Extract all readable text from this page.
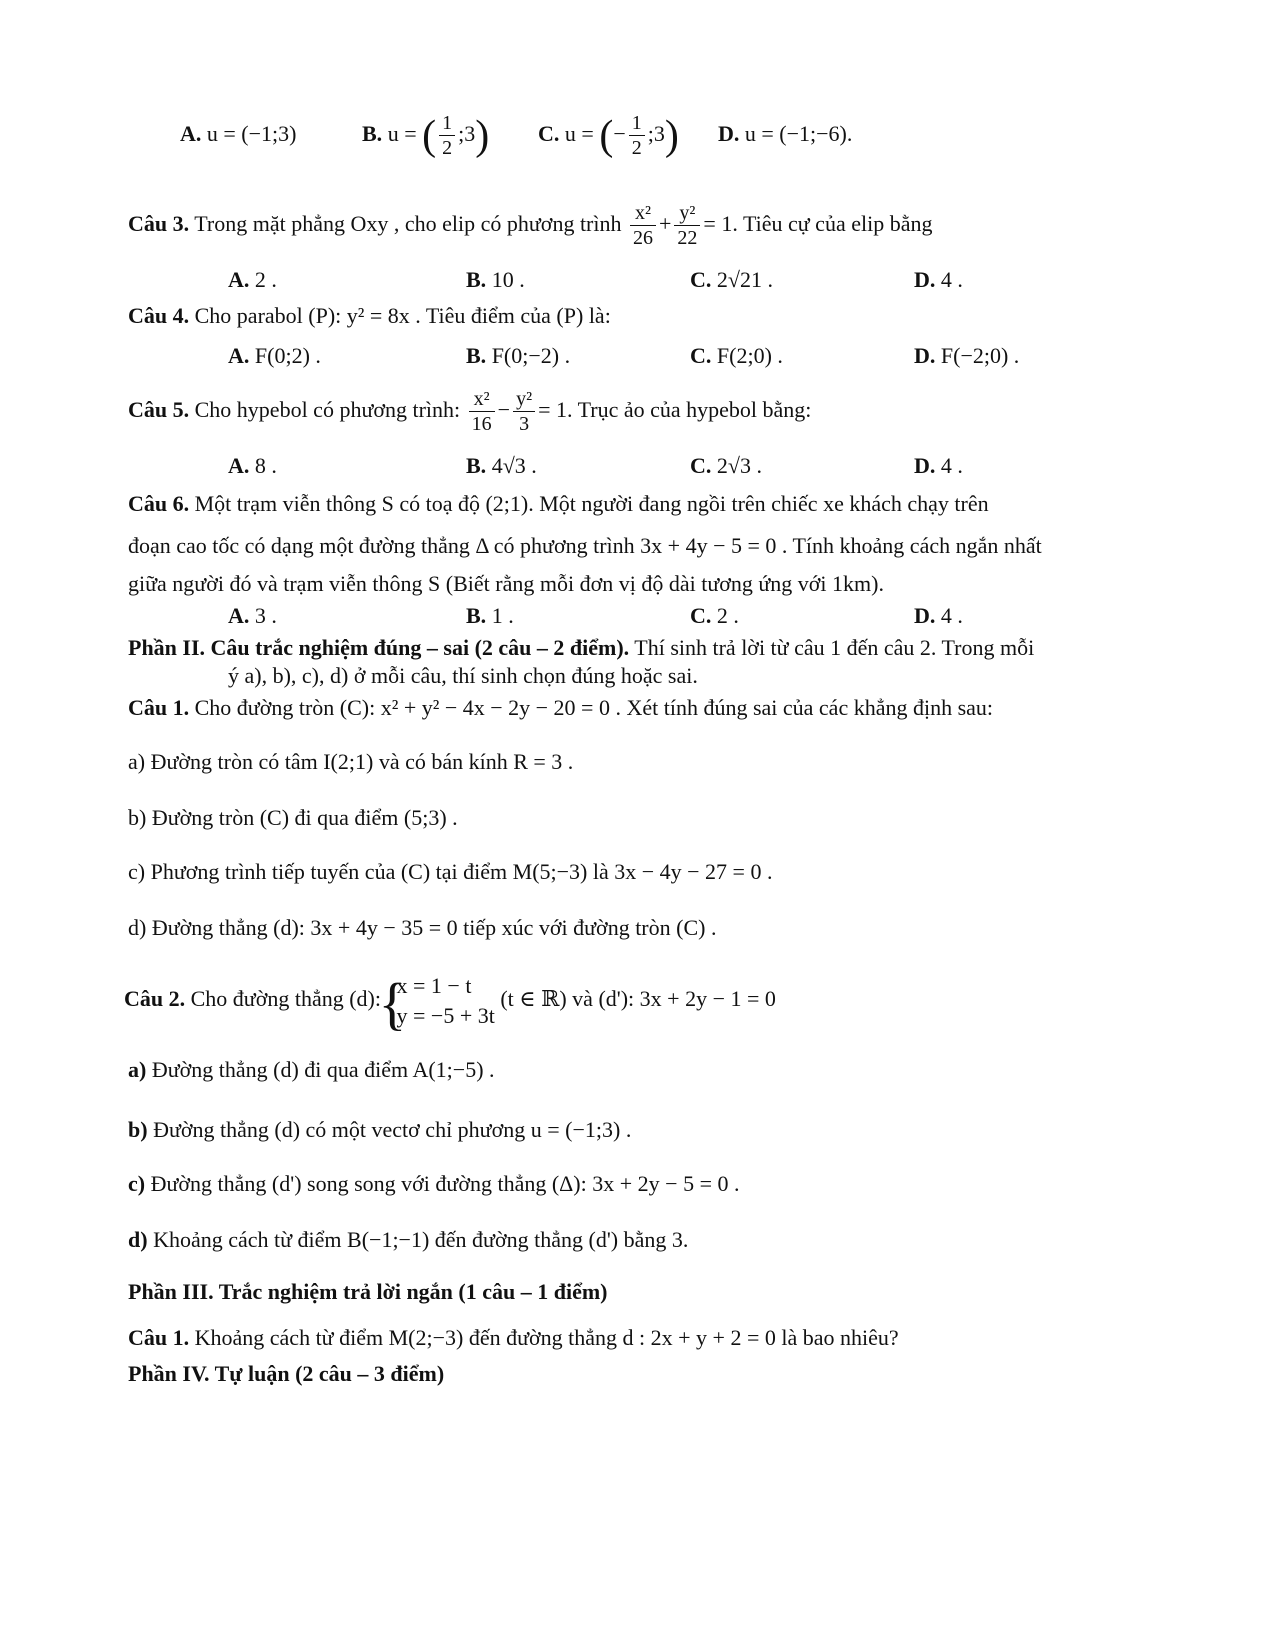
A. u = (−1;3)	B. u = ( $\frac{1}{2}$ ;3) C. u = (− $\frac{1}{2}$ ;3) D. u = (−1;−6).
Câu 3. Trong mặt phẳng Oxy , cho elip có phương trình $\frac{\text{x²}}{26} + \frac{\text{y²}}{22} = 1$. Tiêu cự của elip bằng
A. 2 .	B. 10 .	C. 2√21 .	D. 4 .
Câu 4. Cho parabol (P): y² = 8x . Tiêu điểm của (P) là:
A. F(0;2) .	B. F(0;−2) .	C. F(2;0) .	D. F(−2;0) .
Câu 5. Cho hypebol có phương trình: $\frac{\text{x²}}{16} - \frac{\text{y²}}{3} = 1$. Trục ảo của hypebol bằng:
A. 8 .	B. 4√3 .	C. 2√3 .	D. 4 .
Câu 6. Một trạm viễn thông S có toạ độ (2;1). Một người đang ngồi trên chiếc xe khách chạy trên
đoạn cao tốc có dạng một đường thẳng Δ có phương trình 3x + 4y − 5 = 0 . Tính khoảng cách ngắn nhất
giữa người đó và trạm viễn thông S (Biết rằng mỗi đơn vị độ dài tương ứng với 1km).
A. 3 .	B. 1 .	C. 2 .	D. 4 .
Phần II. Câu trắc nghiệm đúng – sai (2 câu – 2 điểm). Thí sinh trả lời từ câu 1 đến câu 2. Trong mỗi
ý a), b), c), d) ở mỗi câu, thí sinh chọn đúng hoặc sai.
Câu 1. Cho đường tròn (C): x² + y² − 4x − 2y − 20 = 0 . Xét tính đúng sai của các khẳng định sau:
a) Đường tròn có tâm I(2;1) và có bán kính R = 3 .
b) Đường tròn (C) đi qua điểm (5;3) .
c) Phương trình tiếp tuyến của (C) tại điểm M(5;−3) là 3x − 4y − 27 = 0 .
d) Đường thẳng (d): 3x + 4y − 35 = 0 tiếp xúc với đường tròn (C) .
Câu 2. Cho đường thẳng (d):
{ x = 1 − t
y = −5 + 3t
(t ∈ ℝ) và (d'): 3x + 2y − 1 = 0
a) Đường thẳng (d) đi qua điểm A(1;−5) .
b) Đường thẳng (d) có một vectơ chỉ phương u = (−1;3) .
c) Đường thẳng (d') song song với đường thẳng (Δ): 3x + 2y − 5 = 0 .
d) Khoảng cách từ điểm B(−1;−1) đến đường thẳng (d') bằng 3.
Phần III. Trắc nghiệm trả lời ngắn (1 câu – 1 điểm)
Câu 1. Khoảng cách từ điểm M(2;−3) đến đường thẳng d : 2x + y + 2 = 0 là bao nhiêu?
Phần IV. Tự luận (2 câu – 3 điểm)
